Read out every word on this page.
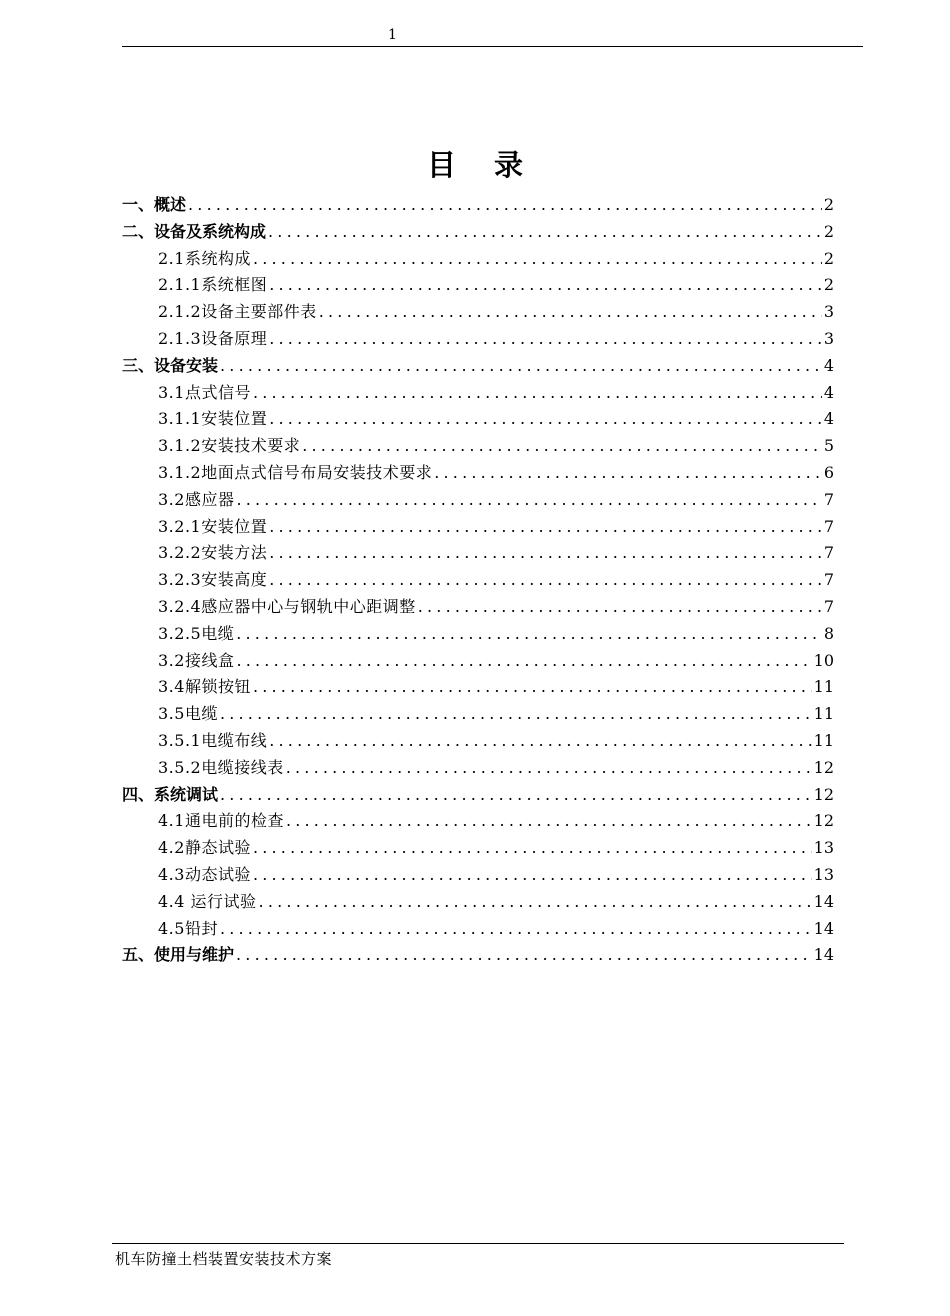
1
目 录
一、概述 .....	2
二、设备及系统构成 .....	2
2.1系统构成 .....	2
2.1.1系统框图 .....	2
2.1.2设备主要部件表 .....	3
2.1.3设备原理 .....	3
三、设备安装 .....	4
3.1点式信号 .....	4
3.1.1安装位置 .....	4
3.1.2安装技术要求 .....	5
3.1.2地面点式信号布局安装技术要求 .....	6
3.2感应器 .....	7
3.2.1安装位置 .....	7
3.2.2安装方法 .....	7
3.2.3安装高度 .....	7
3.2.4感应器中心与钢轨中心距调整 .....	7
3.2.5电缆 .....	8
3.2接线盒 .....	10
3.4解锁按钮 .....	11
3.5电缆 .....	11
3.5.1电缆布线 .....	11
3.5.2电缆接线表 .....	12
四、系统调试 .....	12
4.1通电前的检查 .....	12
4.2静态试验 .....	13
4.3动态试验 .....	13
4.4 运行试验 .....	14
4.5铅封 .....	14
五、使用与维护 .....	14
机车防撞土档装置安装技术方案
